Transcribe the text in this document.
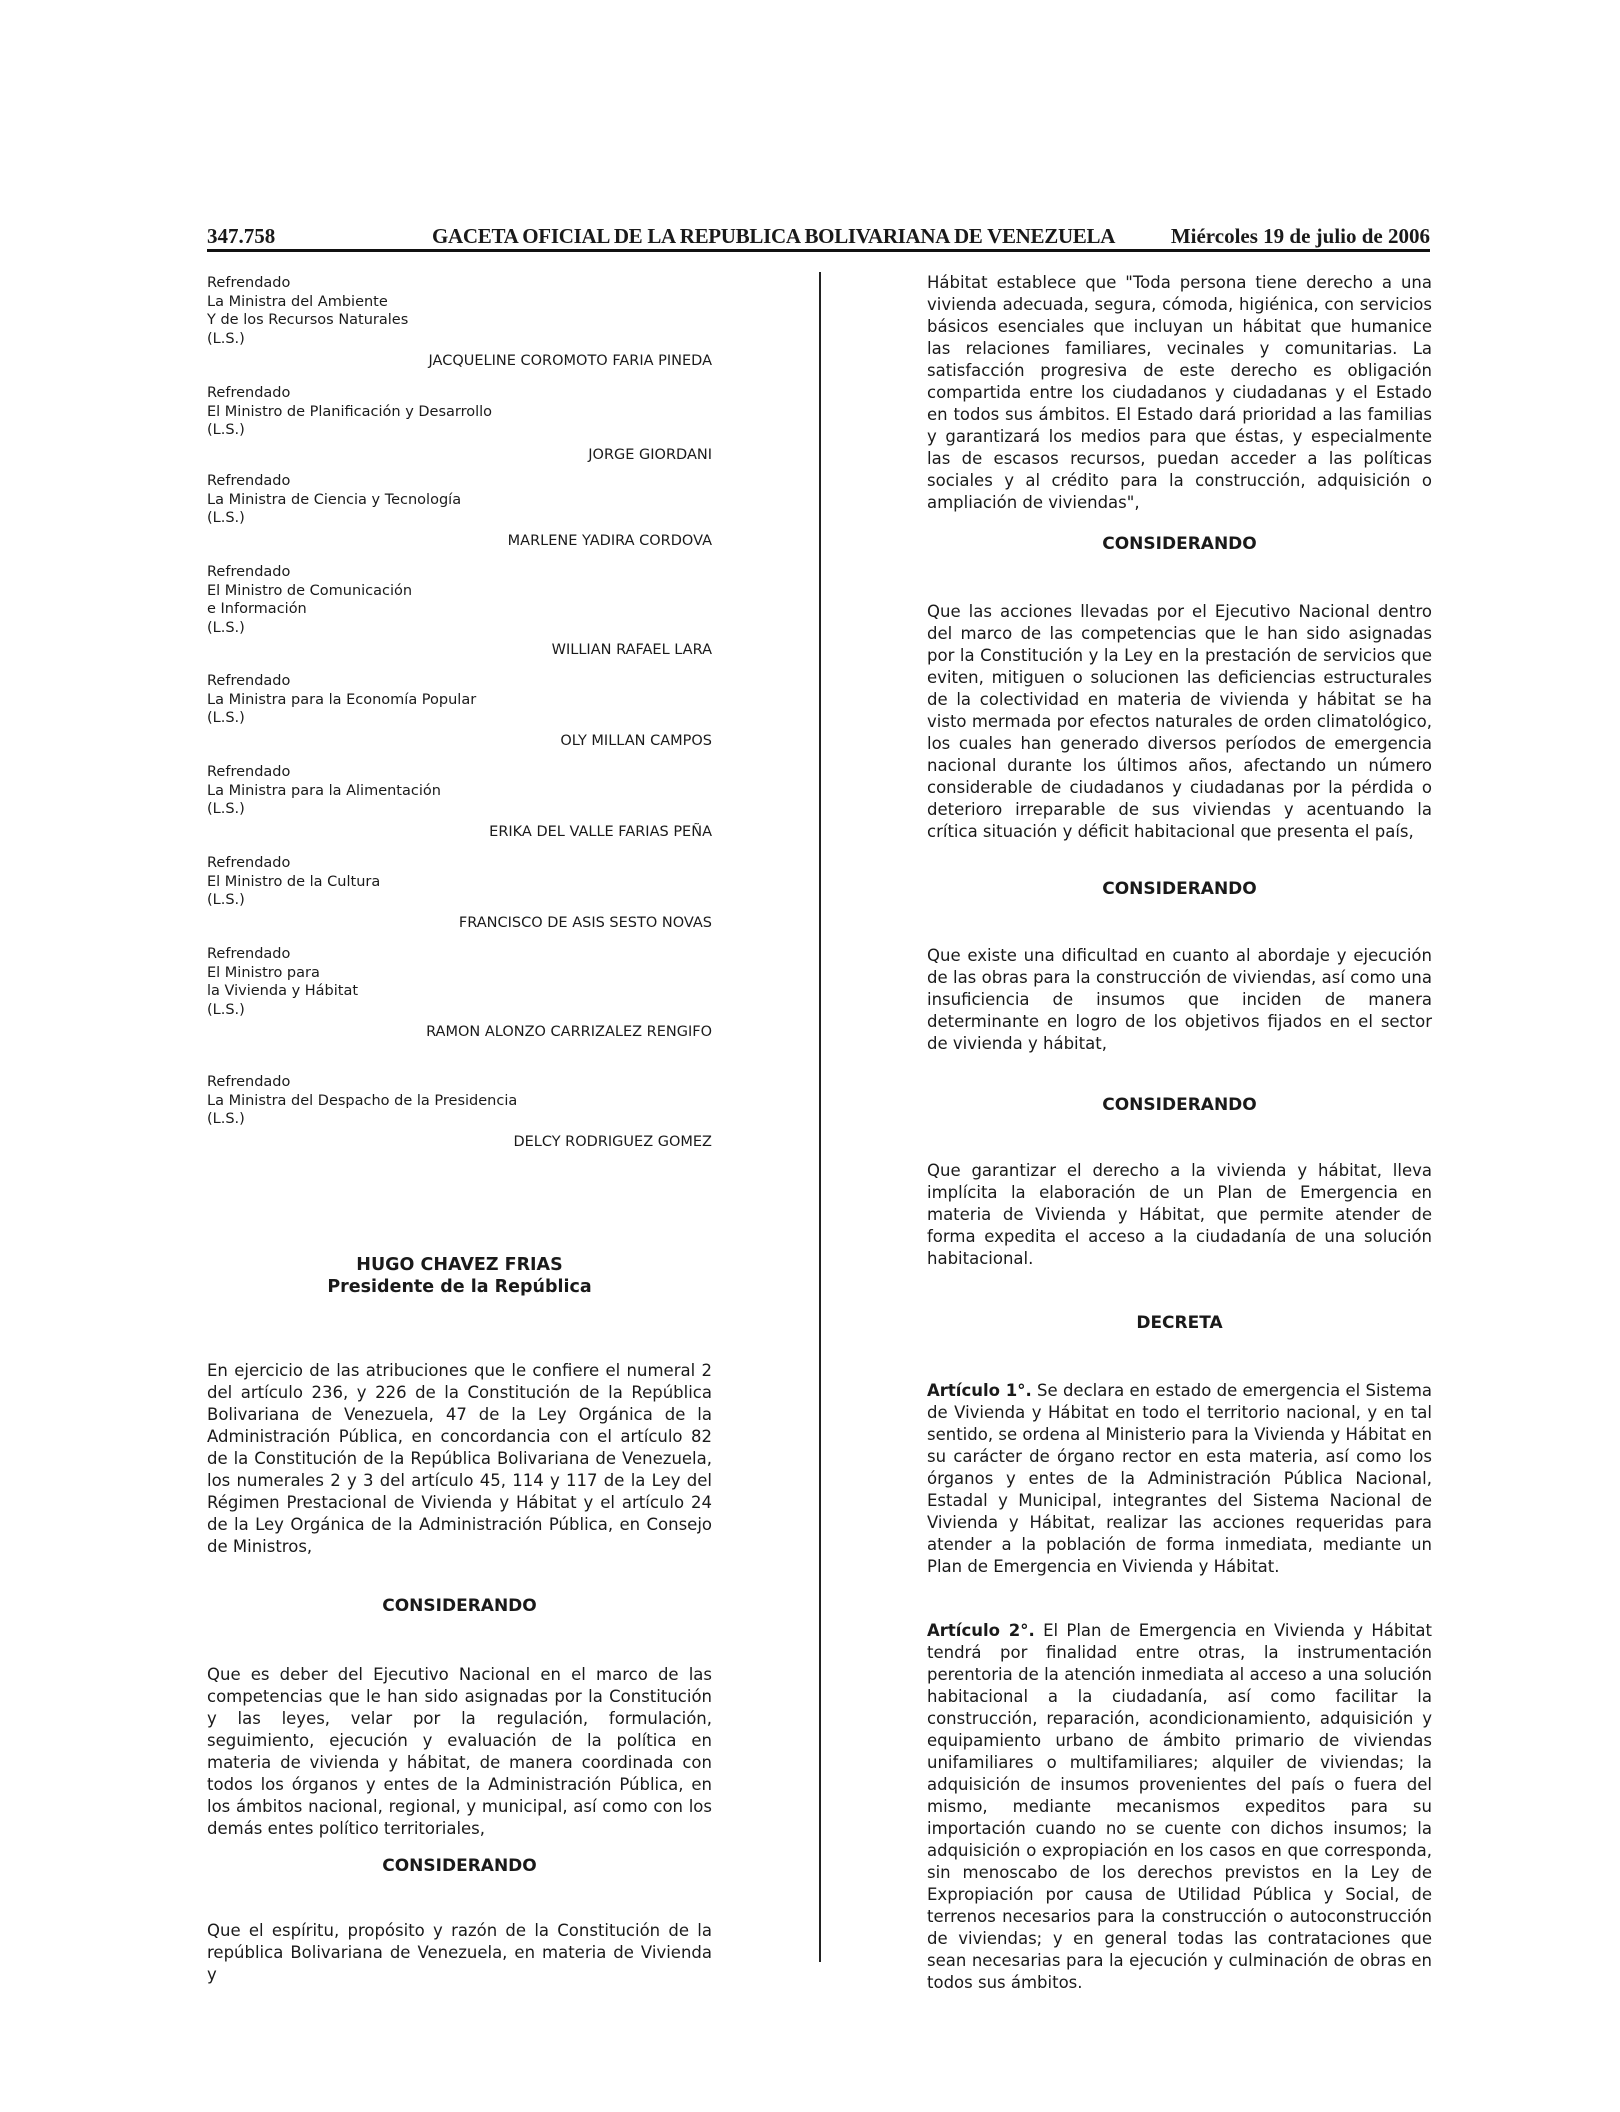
347.758	GACETA OFICIAL DE LA REPUBLICA BOLIVARIANA DE VENEZUELA	Miércoles 19 de julio de 2006
Refrendado
La Ministra del Ambiente
Y de los Recursos Naturales
(L.S.)
JACQUELINE COROMOTO FARIA PINEDA
Refrendado
El Ministro de Planificación y Desarrollo
(L.S.)
JORGE GIORDANI
Refrendado
La Ministra de Ciencia y Tecnología
(L.S.)
MARLENE YADIRA CORDOVA
Refrendado
El Ministro de Comunicación
e Información
(L.S.)
WILLIAN RAFAEL LARA
Refrendado
La Ministra para la Economía Popular
(L.S.)
OLY MILLAN CAMPOS
Refrendado
La Ministra para la Alimentación
(L.S.)
ERIKA DEL VALLE FARIAS PEÑA
Refrendado
El Ministro de la Cultura
(L.S.)
FRANCISCO DE ASIS SESTO NOVAS
Refrendado
El Ministro para
la Vivienda y Hábitat
(L.S.)
RAMON ALONZO CARRIZALEZ RENGIFO
Refrendado
La Ministra del Despacho de la Presidencia
(L.S.)
DELCY RODRIGUEZ GOMEZ
HUGO CHAVEZ FRIAS
Presidente de la República

En ejercicio de las atribuciones que le confiere el numeral 2 del artículo 236, y 226 de la Constitución de la República Bolivariana de Venezuela, 47 de la Ley Orgánica de la Administración Pública, en concordancia con el artículo 82 de la Constitución de la República Bolivariana de Venezuela, los numerales 2 y 3 del artículo 45, 114 y 117 de la Ley del Régimen Prestacional de Vivienda y Hábitat y el artículo 24 de la Ley Orgánica de la Administración Pública, en Consejo de Ministros,

CONSIDERANDO

Que es deber del Ejecutivo Nacional en el marco de las competencias que le han sido asignadas por la Constitución y las leyes, velar por la regulación, formulación, seguimiento, ejecución y evaluación de la política en materia de vivienda y hábitat, de manera coordinada con todos los órganos y entes de la Administración Pública, en los ámbitos nacional, regional, y municipal, así como con los demás entes político territoriales,

CONSIDERANDO

Que el espíritu, propósito y razón de la Constitución de la república Bolivariana de Venezuela, en materia de Vivienda y

Hábitat establece que "Toda persona tiene derecho a una vivienda adecuada, segura, cómoda, higiénica, con servicios básicos esenciales que incluyan un hábitat que humanice las relaciones familiares, vecinales y comunitarias. La satisfacción progresiva de este derecho es obligación compartida entre los ciudadanos y ciudadanas y el Estado en todos sus ámbitos. El Estado dará prioridad a las familias y garantizará los medios para que éstas, y especialmente las de escasos recursos, puedan acceder a las políticas sociales y al crédito para la construcción, adquisición o ampliación de viviendas",

CONSIDERANDO

Que las acciones llevadas por el Ejecutivo Nacional dentro del marco de las competencias que le han sido asignadas por la Constitución y la Ley en la prestación de servicios que eviten, mitiguen o solucionen las deficiencias estructurales de la colectividad en materia de vivienda y hábitat se ha visto mermada por efectos naturales de orden climatológico, los cuales han generado diversos períodos de emergencia nacional durante los últimos años, afectando un número considerable de ciudadanos y ciudadanas por la pérdida o deterioro irreparable de sus viviendas y acentuando la crítica situación y déficit habitacional que presenta el país,

CONSIDERANDO

Que existe una dificultad en cuanto al abordaje y ejecución de las obras para la construcción de viviendas, así como una insuficiencia de insumos que inciden de manera determinante en logro de los objetivos fijados en el sector de vivienda y hábitat,

CONSIDERANDO

Que garantizar el derecho a la vivienda y hábitat, lleva implícita la elaboración de un Plan de Emergencia en materia de Vivienda y Hábitat, que permite atender de forma expedita el acceso a la ciudadanía de una solución habitacional.

DECRETA

Artículo 1°. Se declara en estado de emergencia el Sistema de Vivienda y Hábitat en todo el territorio nacional, y en tal sentido, se ordena al Ministerio para la Vivienda y Hábitat en su carácter de órgano rector en esta materia, así como los órganos y entes de la Administración Pública Nacional, Estadal y Municipal, integrantes del Sistema Nacional de Vivienda y Hábitat, realizar las acciones requeridas para atender a la población de forma inmediata, mediante un Plan de Emergencia en Vivienda y Hábitat.

Artículo 2°. El Plan de Emergencia en Vivienda y Hábitat tendrá por finalidad entre otras, la instrumentación perentoria de la atención inmediata al acceso a una solución habitacional a la ciudadanía, así como facilitar la construcción, reparación, acondicionamiento, adquisición y equipamiento urbano de ámbito primario de viviendas unifamiliares o multifamiliares; alquiler de viviendas; la adquisición de insumos provenientes del país o fuera del mismo, mediante mecanismos expeditos para su importación cuando no se cuente con dichos insumos; la adquisición o expropiación en los casos en que corresponda, sin menoscabo de los derechos previstos en la Ley de Expropiación por causa de Utilidad Pública y Social, de terrenos necesarios para la construcción o autoconstrucción de viviendas; y en general todas las contrataciones que sean necesarias para la ejecución y culminación de obras en todos sus ámbitos.
